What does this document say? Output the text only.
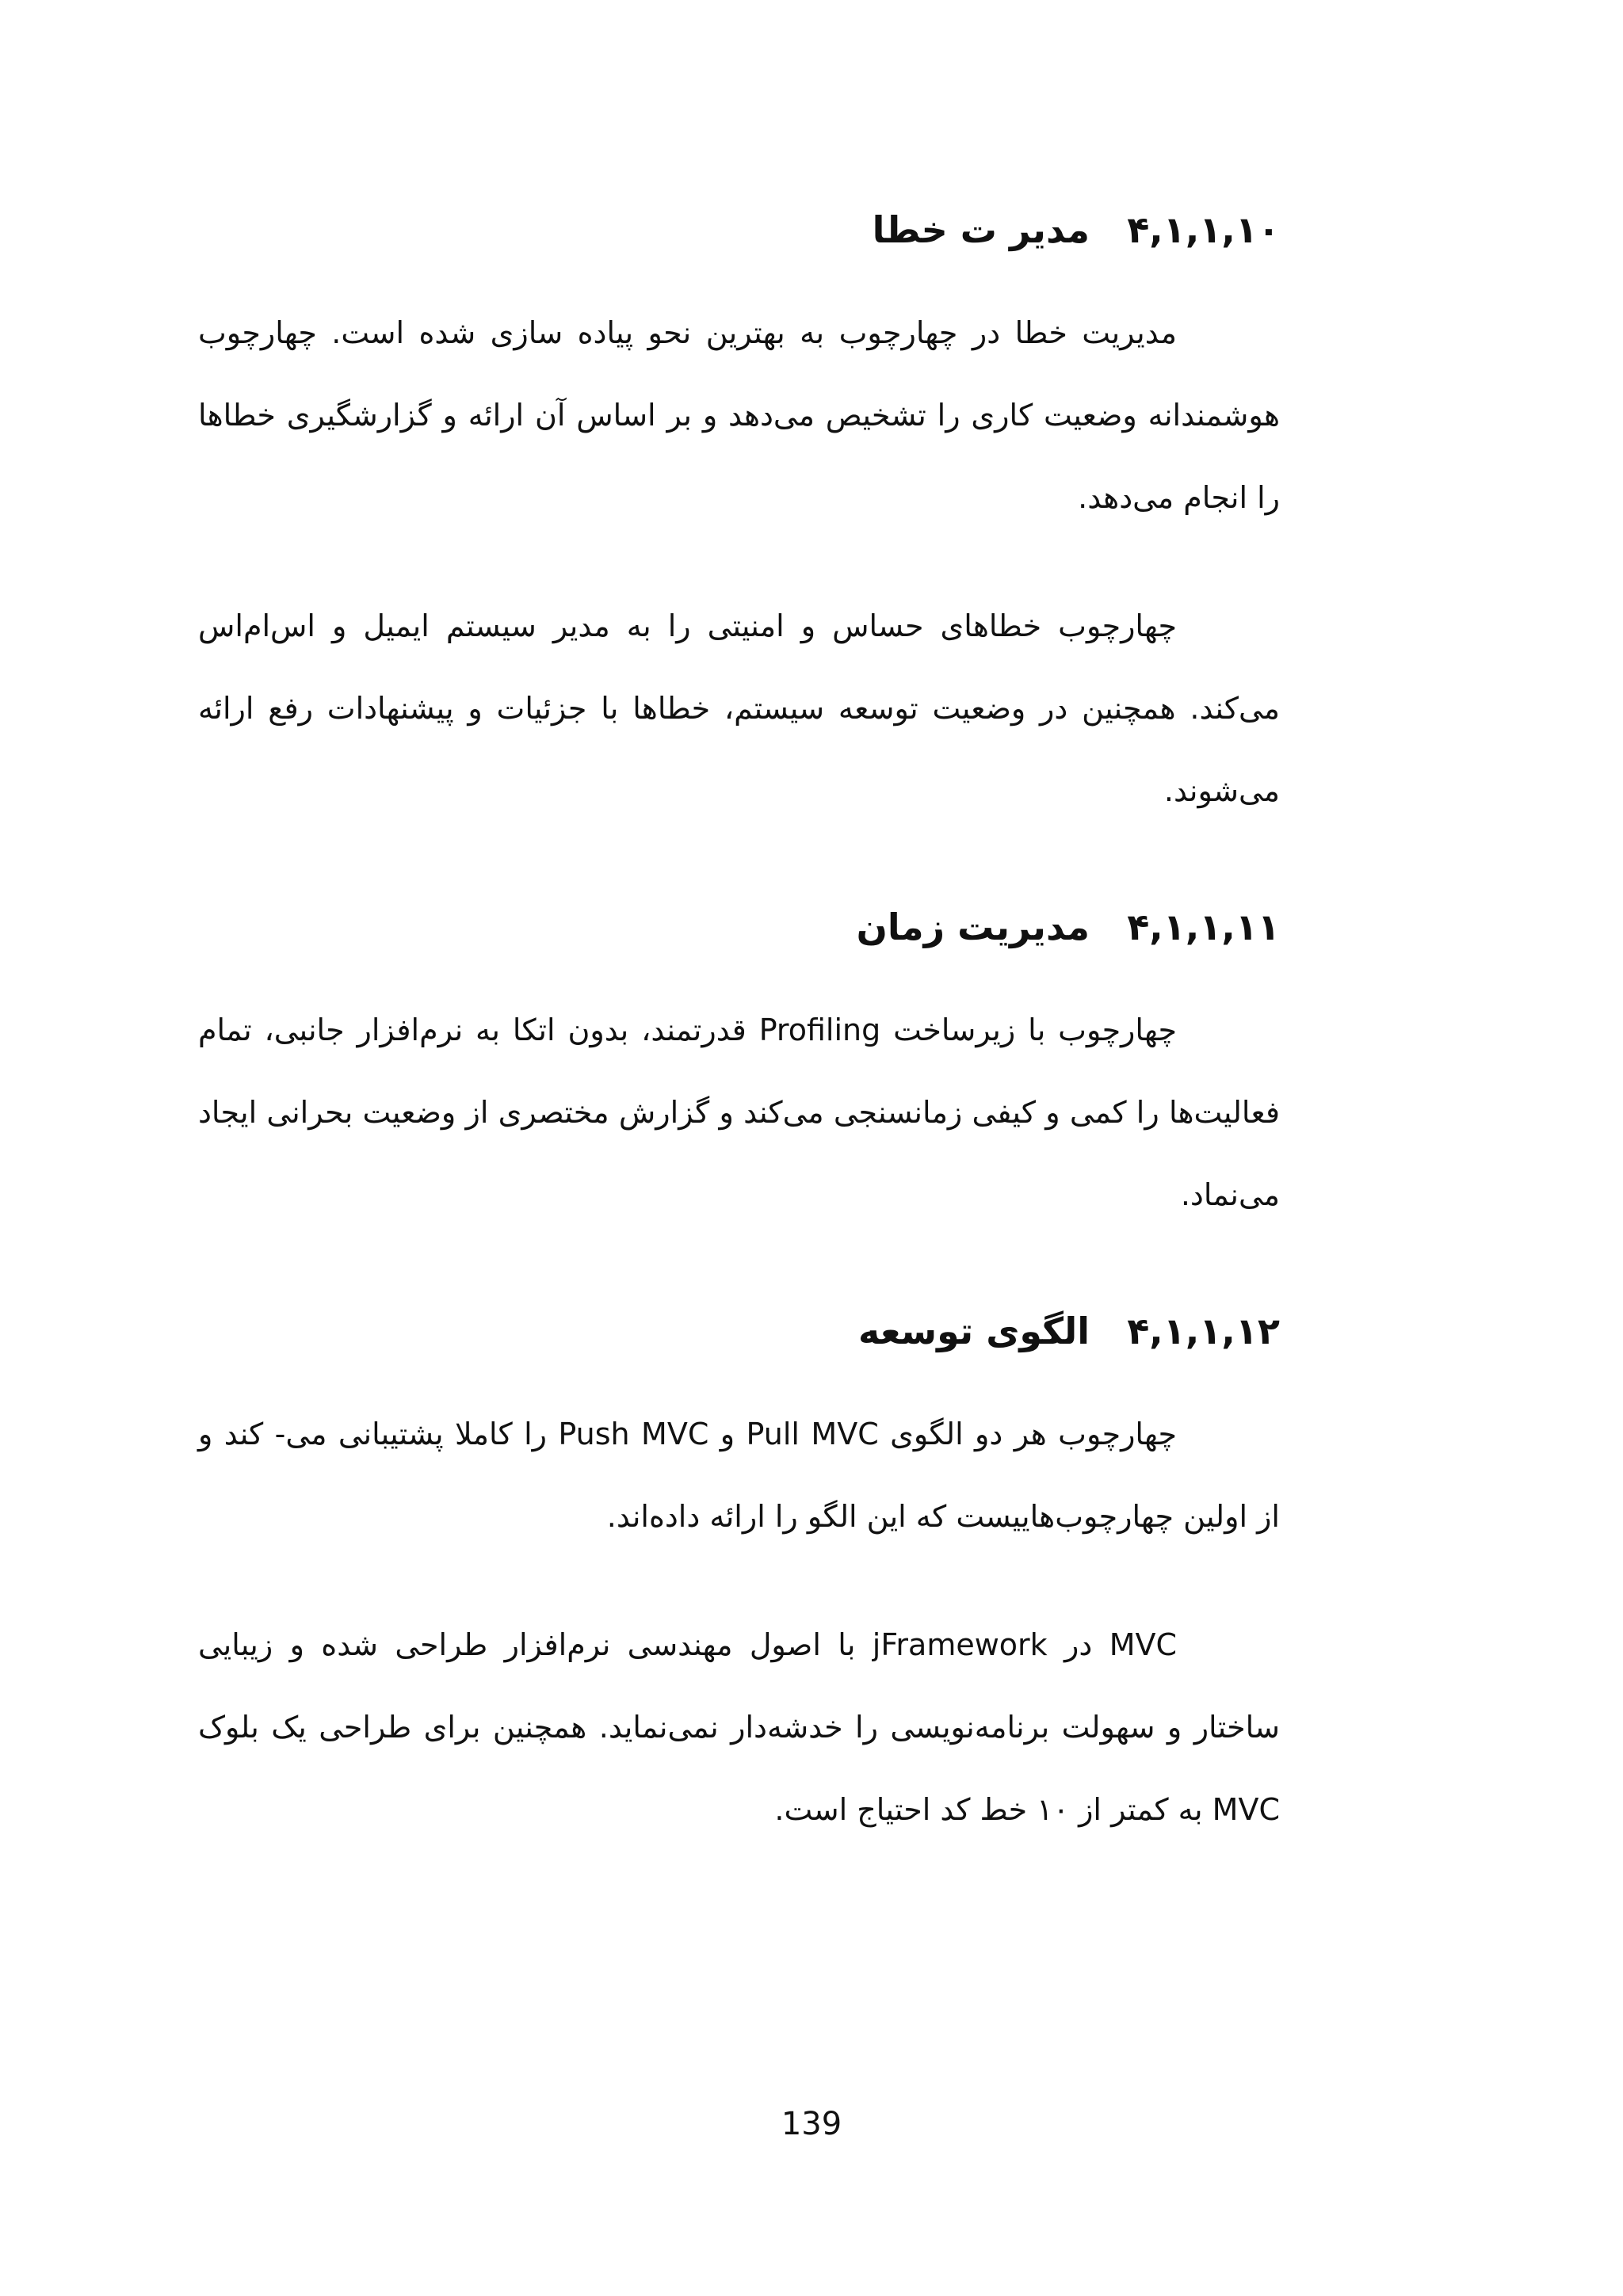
۴,۱,۱,۱۰
مدیر ت خطا

مدیریت خطا در چهارچوب به بهترین نحو پیاده سازی شده است. چهارچوب هوشمندانه وضعیت کاری را تشخیص می‌دهد و بر اساس آن ارائه و گزارشگیری خطاها را انجام می‌دهد.

چهارچوب خطاهای حساس و امنیتی را به مدیر سیستم ایمیل و اس‌ام‌اس می‌کند. همچنین در وضعیت توسعه سیستم، خطاها با جزئیات و پیشنهادات رفع ارائه می‌شوند.

۴,۱,۱,۱۱
مدیریت زمان

چهارچوب با زیرساخت Profiling قدرتمند، بدون اتکا به نرم‌افزار جانبی، تمام فعالیت‌ها را کمی و کیفی زمانسنجی می‌کند و گزارش مختصری از وضعیت بحرانی ایجاد می‌نماد.

۴,۱,۱,۱۲
الگوی توسعه

چهارچوب هر دو الگوی Pull MVC و Push MVC را کاملا پشتیبانی می- کند و از اولین چهارچوب‌هاییست که این الگو را ارائه داده‌اند.

MVC در jFramework با اصول مهندسی نرم‌افزار طراحی شده و زیبایی ساختار و سهولت برنامه‌نویسی را خدشه‌دار نمی‌نماید. همچنین برای طراحی یک بلوک MVC به کمتر از ۱۰ خط کد احتیاج است.

139
